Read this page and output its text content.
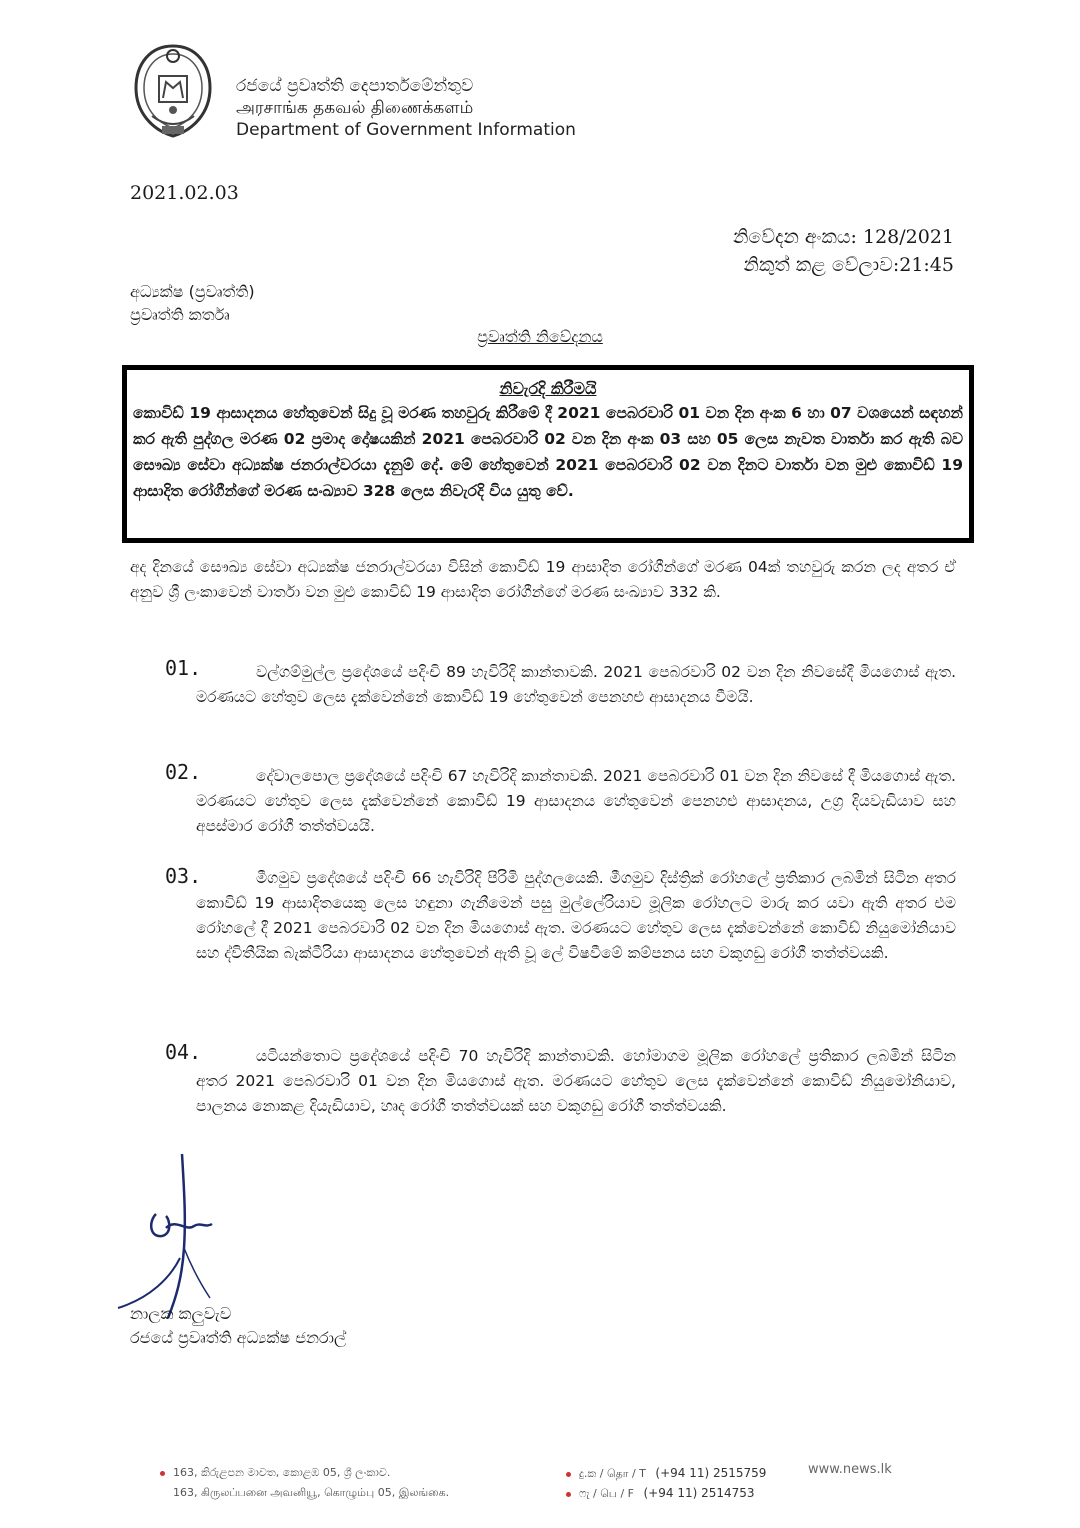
රජයේ ප්‍රවෘත්ති දෙපාර්තමේන්තුව
அரசாங்க தகவல் திணைக்களம்
Department of Government Information
2021.02.03
නිවේදන අංකය: 128/2021
නිකුත් කළ වේලාව:21:45
අධ්‍යක්ෂ (ප්‍රවෘත්ති)
ප්‍රවෘත්ති කර්තෘ
ප්‍රවෘත්ති නිවේදනය
නිවැරදි කිරීමයි
කොවිඩ් 19 ආසාදනය හේතුවෙන් සිදු වූ මරණ තහවුරු කිරීමේ දී 2021 පෙබරවාරි 01 වන දින අංක 6 හා 07 වශයෙන් සඳහන් කර ඇති පුද්ගල මරණ 02 ප්‍රමාද දෝෂයකින් 2021 පෙබරවාරි 02 වන දින අංක 03 සහ 05 ලෙස නැවත වාර්තා කර ඇති බව සෞඛ්‍ය සේවා අධ්‍යක්ෂ ජනරාල්වරයා දැනුම් දේ. මේ හේතුවෙන් 2021 පෙබරවාරි 02 වන දිනට වාර්තා වන මුළු කොවිඩ් 19 ආසාදිත රෝගීන්ගේ මරණ සංඛ්‍යාව 328 ලෙස නිවැරදි විය යුතු වේ.
අද දිනයේ සෞඛ්‍ය සේවා අධ්‍යක්ෂ ජනරාල්වරයා විසින් කොවිඩ් 19 ආසාදිත රෝගීන්ගේ මරණ 04ක් තහවුරු කරන ලද අතර ඒ අනුව ශ්‍රී ලංකාවෙන් වාර්තා වන මුළු කොවිඩ් 19 ආසාදිත රෝගීන්ගේ මරණ සංඛ්‍යාව 332 කි.
01.	වල්ගම්මුල්ල ප්‍රදේශයේ පදිංචි 89 හැවිරිදි කාන්තාවකි. 2021 පෙබරවාරි 02 වන දින නිවසේදී මියගොස් ඇත. මරණයට හේතුව ලෙස දැක්වෙන්නේ කොවිඩ් 19 හේතුවෙන් පෙනහළු ආසාදනය වීමයි.
02.	දේවාලපොල ප්‍රදේශයේ පදිංචි 67 හැවිරිදි කාන්තාවකි. 2021 පෙබරවාරි 01 වන දින නිවසේ දී මියගොස් ඇත. මරණයට හේතුව ලෙස දැක්වෙන්නේ කොවිඩ් 19 ආසාදනය හේතුවෙන් පෙනහළු ආසාදනය, උග්‍ර දියවැඩියාව සහ අපස්මාර රෝගී තත්ත්වයයි.
03.	මීගමුව ප්‍රදේශයේ පදිංචි 66 හැවිරිදි පිරිමි පුද්ගලයෙකි. මීගමුව දිස්ත්‍රික් රෝහලේ ප්‍රතිකාර ලබමින් සිටින අතර කොවිඩ් 19 ආසාදිතයෙකු ලෙස හඳුනා ගැනීමෙන් පසු මුල්ලේරියාව මූලික රෝහලට මාරු කර යවා ඇති අතර එම රෝහලේ දී 2021 පෙබරවාරි 02 වන දින මියගොස් ඇත. මරණයට හේතුව ලෙස දැක්වෙන්නේ කොවිඩ් නියුමෝනියාව සහ ද්විතීයික බැක්ටීරියා ආසාදනය හේතුවෙන් ඇති වූ ලේ විෂවීමේ කම්පනය සහ වකුගඩු රෝගී තත්ත්වයකි.
04.	යටියන්තොට ප්‍රදේශයේ පදිංචි 70 හැවිරිදි කාන්තාවකි. හෝමාගම මූලික රෝහලේ ප්‍රතිකාර ලබමින් සිටින අතර 2021 පෙබරවාරි 01 වන දින මියගොස් ඇත. මරණයට හේතුව ලෙස දැක්වෙන්නේ කොවිඩ් නියුමෝනියාව, පාලනය නොකළ දියැඩියාව, හෘද රෝගී තත්ත්වයක් සහ වකුගඩු රෝගී තත්ත්වයකි.
නාලක කලුවැව
රජයේ ප්‍රවෘත්ති අධ්‍යක්ෂ ජනරාල්
163, කිරුළපන මාවත, කොළඹ 05, ශ්‍රී ලංකාව.
163, கிருலப்பனை அவனியூ, கொழும்பு 05, இலங்கை.
දු.ක / தொ / T (+94 11) 2515759
ෆැ / பெ / F (+94 11) 2514753
www.news.lk
